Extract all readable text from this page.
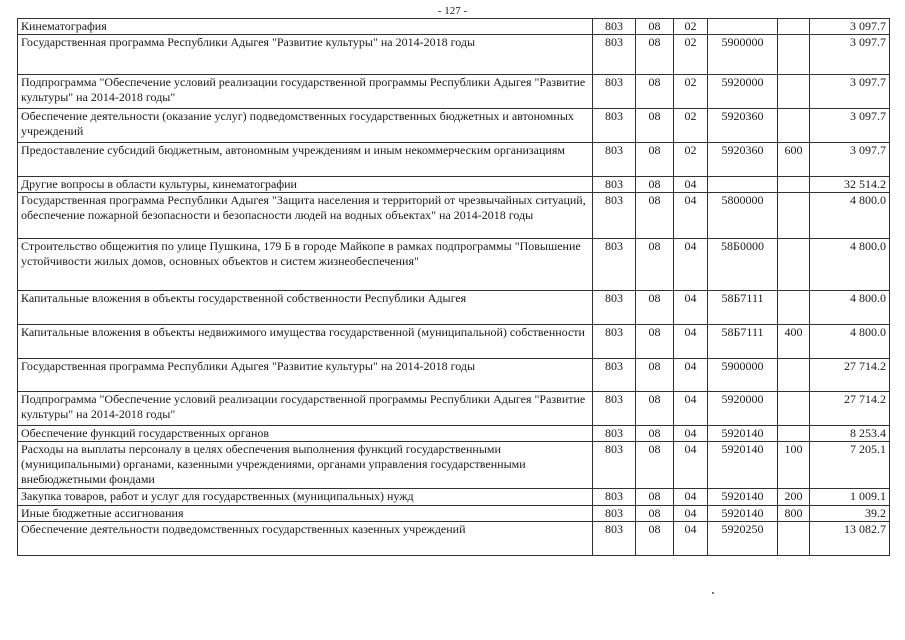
- 127 -
Кинематография	803	08	02			3 097.7
Государственная программа Республики Адыгея "Развитие культуры" на 2014-2018 годы	803	08	02	5900000		3 097.7
Подпрограмма "Обеспечение условий реализации государственной программы Республики Адыгея "Развитие культуры" на 2014-2018 годы"	803	08	02	5920000		3 097.7
Обеспечение деятельности (оказание услуг) подведомственных государственных бюджетных и автономных учреждений	803	08	02	5920360		3 097.7
Предоставление субсидий бюджетным, автономным учреждениям и иным некоммерческим организациям	803	08	02	5920360	600	3 097.7
Другие вопросы в области культуры, кинематографии	803	08	04			32 514.2
Государственная программа Республики Адыгея "Защита населения и территорий от чрезвычайных ситуаций, обеспечение пожарной безопасности и безопасности людей на водных объектах" на 2014-2018 годы	803	08	04	5800000		4 800.0
Строительство общежития по улице Пушкина, 179 Б в городе Майкопе в рамках подпрограммы "Повышение устойчивости жилых домов, основных объектов и систем жизнеобеспечения"	803	08	04	58Б0000		4 800.0
Капитальные вложения в объекты государственной собственности Республики Адыгея	803	08	04	58Б7111		4 800.0
Капитальные вложения в объекты недвижимого имущества государственной (муниципальной) собственности	803	08	04	58Б7111	400	4 800.0
Государственная программа Республики Адыгея "Развитие культуры" на 2014-2018 годы	803	08	04	5900000		27 714.2
Подпрограмма "Обеспечение условий реализации государственной программы Республики Адыгея "Развитие культуры" на 2014-2018 годы"	803	08	04	5920000		27 714.2
Обеспечение функций государственных органов	803	08	04	5920140		8 253.4
Расходы на выплаты персоналу в целях обеспечения выполнения функций государственными (муниципальными) органами, казенными учреждениями, органами управления государственными внебюджетными фондами	803	08	04	5920140	100	7 205.1
Закупка товаров, работ и услуг для государственных (муниципальных) нужд	803	08	04	5920140	200	1 009.1
Иные бюджетные ассигнования	803	08	04	5920140	800	39.2
Обеспечение деятельности подведомственных государственных казенных учреждений	803	08	04	5920250		13 082.7
